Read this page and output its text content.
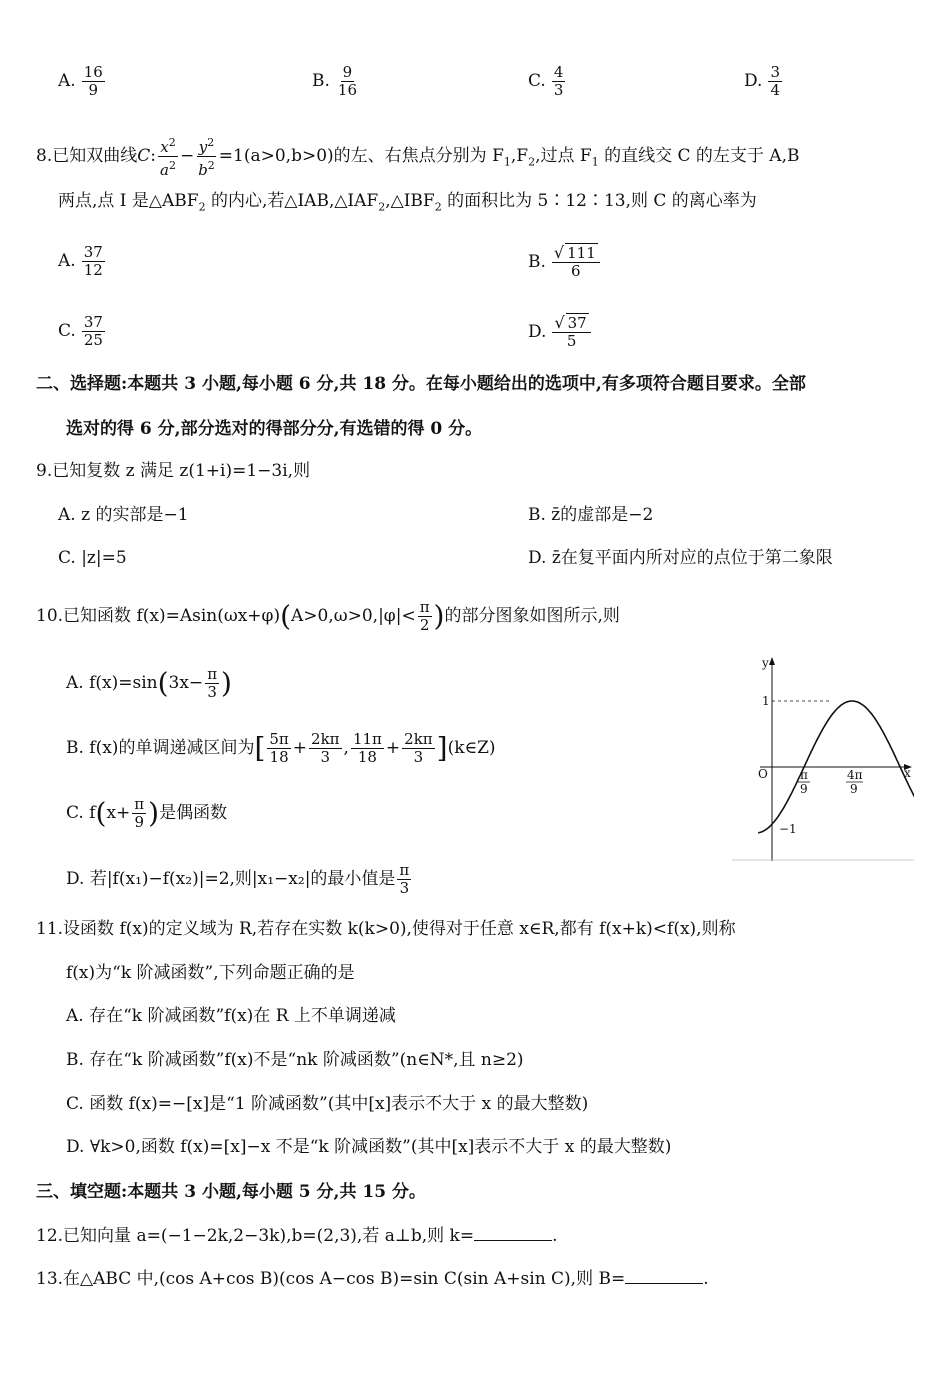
A. $\frac{16}{9}$	B. $\frac{9}{16}$	C. $\frac{4}{3}$	D. $\frac{3}{4}$
8.已知双曲线C: $\frac{x^2}{a^2} - \frac{y^2}{b^2} =1(a>0,b>0)$的左、右焦点分别为 $F_1,F_2$,过点 $F_1$ 的直线交 C 的左支于 A,B
两点,点 I 是$\triangle ABF_2$ 的内心,若$\triangle IAB,\triangle IAF_2,\triangle IBF_2$ 的面积比为 5∶12∶13,则 C 的离心率为
A. $\frac{37}{12}$	B. $\frac{√ 111}{6}$
C. $\frac{37}{25}$	D. $\frac{√ 37}{5}$
二、选择题:本题共 3 小题,每小题 6 分,共 18 分。在每小题给出的选项中,有多项符合题目要求。全部
选对的得 6 分,部分选对的得部分分,有选错的得 0 分。
9.已知复数 z 满足 z(1+i)=1−3i,则
A. z 的实部是−1	B. z̄的虚部是−2
C. |z|=5	D. z̄在复平面内所对应的点位于第二象限
10.已知函数 $f(x)=Asin(\omega x+\varphi)(A>0,\omega>0,|\varphi|< \frac{\pi}{2}$ )的部分图象如图所示,则
A. $f(x)=\sin(3x- \frac{\pi}{3}$ )
B. f(x)的单调递减区间为[ $\frac{5\pi}{18} + \frac{2k\pi}{3}$ , $\frac{11\pi}{18} + \frac{2k\pi}{3}$ ](k∈Z)
C. $f(x+ \frac{\pi}{9}$ )是偶函数
D. 若|f(x₁)−f(x₂)|=2,则|x₁−x₂|的最小值是 $\frac{\pi}{3}$
y
x
O
1
−1
π
9
4π
9
11.设函数 f(x)的定义域为 R,若存在实数 k(k>0),使得对于任意 x∈R,都有 f(x+k)<f(x),则称
f(x)为“k 阶减函数”,下列命题正确的是
A. 存在“k 阶减函数”f(x)在 R 上不单调递减
B. 存在“k 阶减函数”f(x)不是“nk 阶减函数”(n∈N*,且 n≥2)
C. 函数 f(x)=−[x]是“1 阶减函数”(其中[x]表示不大于 x 的最大整数)
D. ∀k>0,函数 f(x)=[x]−x 不是“k 阶减函数”(其中[x]表示不大于 x 的最大整数)
三、填空题:本题共 3 小题,每小题 5 分,共 15 分。
12.已知向量 a=(−1−2k,2−3k),b=(2,3),若 a⊥b,则 k=	.
13.在△ABC 中,(cos A+cos B)(cos A−cos B)=sin C(sin A+sin C),则 B=	.
